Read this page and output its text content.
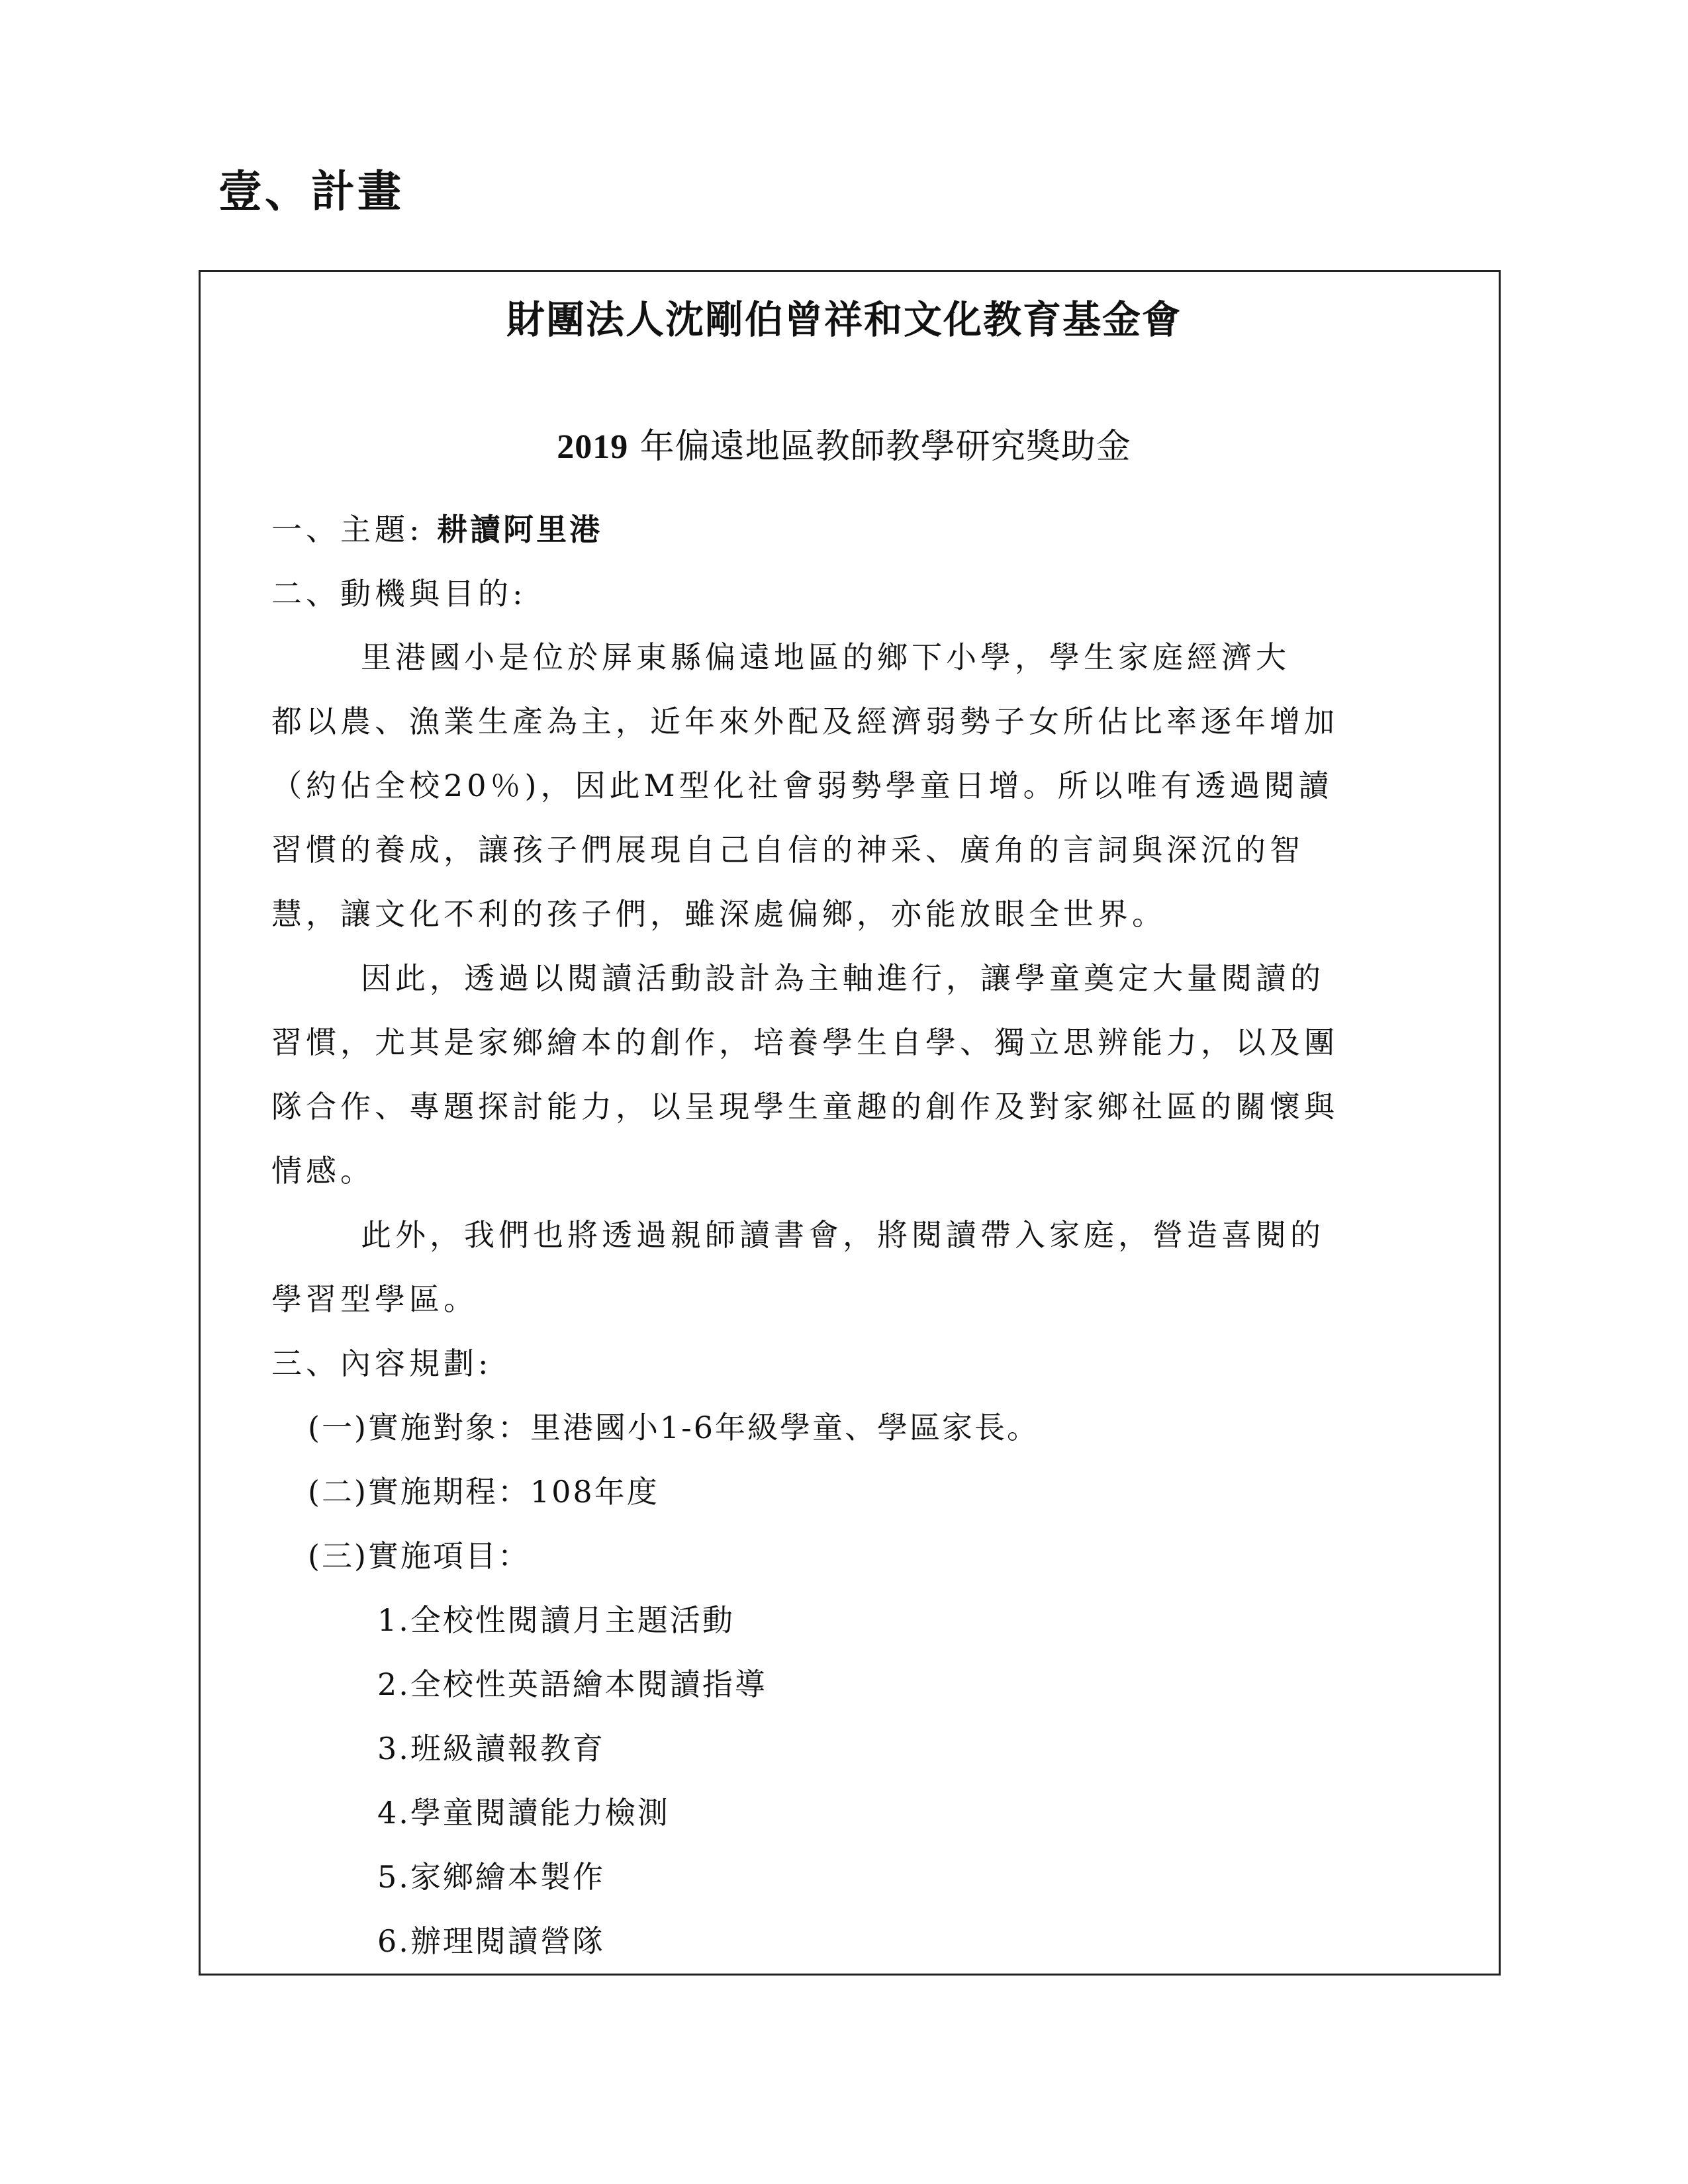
壹、計畫
財團法人沈剛伯曾祥和文化教育基金會
2019 年偏遠地區教師教學研究獎助金
一、主題: 耕讀阿里港
二、動機與目的:
里港國小是位於屏東縣偏遠地區的鄉下小學，學生家庭經濟大
都以農、漁業生產為主，近年來外配及經濟弱勢子女所佔比率逐年增加
（約佔全校20％)，因此M型化社會弱勢學童日增。所以唯有透過閱讀
習慣的養成，讓孩子們展現自己自信的神采、廣角的言詞與深沉的智
慧，讓文化不利的孩子們，雖深處偏鄉，亦能放眼全世界。
因此，透過以閱讀活動設計為主軸進行，讓學童奠定大量閱讀的
習慣，尤其是家鄉繪本的創作，培養學生自學、獨立思辨能力，以及團
隊合作、專題探討能力，以呈現學生童趣的創作及對家鄉社區的關懷與
情感。
此外，我們也將透過親師讀書會，將閱讀帶入家庭，營造喜閱的
學習型學區。
三、內容規劃:
(一)實施對象：里港國小1-6年級學童、學區家長。
(二)實施期程：108年度
(三)實施項目：
1.全校性閱讀月主題活動
2.全校性英語繪本閱讀指導
3.班級讀報教育
4.學童閱讀能力檢測
5.家鄉繪本製作
6.辦理閱讀營隊
